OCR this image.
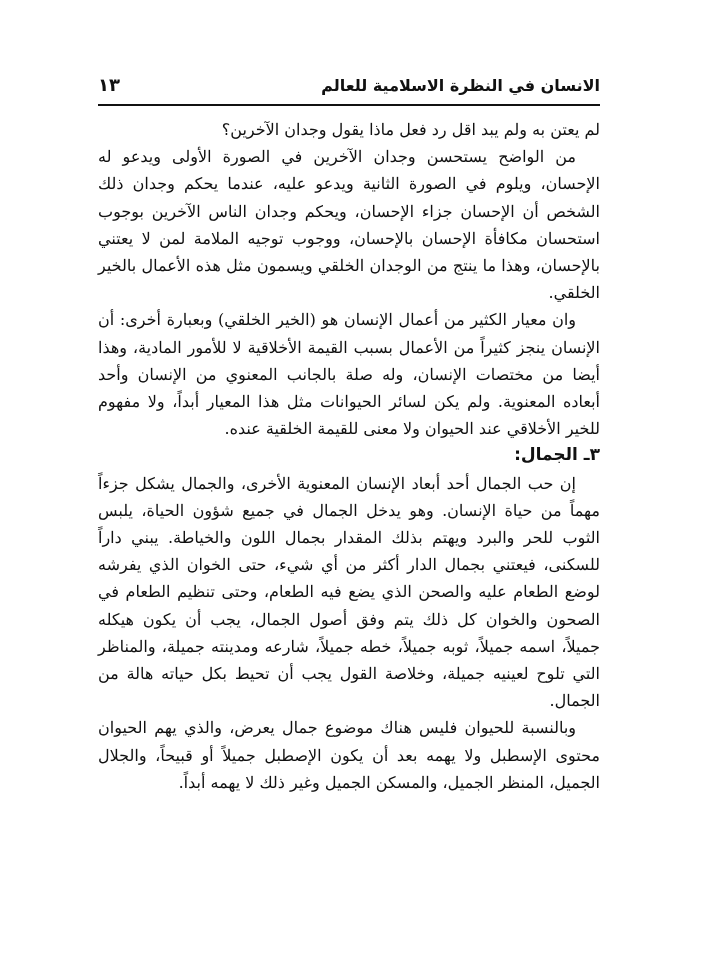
الانسان في النظرة الاسلامية للعالم
١٣

لم يعتن به ولم يبد اقل رد فعل ماذا يقول وجدان الآخرين؟

من الواضح يستحسن وجدان الآخرين في الصورة الأولى ويدعو له الإحسان، ويلوم في الصورة الثانية ويدعو عليه، عندما يحكم وجدان ذلك الشخص أن الإحسان جزاء الإحسان، ويحكم وجدان الناس الآخرين بوجوب استحسان مكافأة الإحسان بالإحسان، ووجوب توجيه الملامة لمن لا يعتني بالإحسان، وهذا ما ينتج من الوجدان الخلقي ويسمون مثل هذه الأعمال بالخير الخلقي.

وان معيار الكثير من أعمال الإنسان هو (الخير الخلقي) وبعبارة أخرى: أن الإنسان ينجز كثيراً من الأعمال بسبب القيمة الأخلاقية لا للأمور المادية، وهذا أيضا من مختصات الإنسان، وله صلة بالجانب المعنوي من الإنسان وأحد أبعاده المعنوية. ولم يكن لسائر الحيوانات مثل هذا المعيار أبداً، ولا مفهوم للخير الأخلاقي عند الحيوان ولا معنى للقيمة الخلقية عنده.

٣ـ الجمال:

إن حب الجمال أحد أبعاد الإنسان المعنوية الأخرى، والجمال يشكل جزءاً مهماً من حياة الإنسان. وهو يدخل الجمال في جميع شؤون الحياة، يلبس الثوب للحر والبرد ويهتم بذلك المقدار بجمال اللون والخياطة. يبني داراً للسكنى، فيعتني بجمال الدار أكثر من أي شيء، حتى الخوان الذي يفرشه لوضع الطعام عليه والصحن الذي يضع فيه الطعام، وحتى تنظيم الطعام في الصحون والخوان كل ذلك يتم وفق أصول الجمال، يجب أن يكون هيكله جميلاً، اسمه جميلاً، ثوبه جميلاً، خطه جميلاً، شارعه ومدينته جميلة، والمناظر التي تلوح لعينيه جميلة، وخلاصة القول يجب أن تحيط بكل حياته هالة من الجمال.

وبالنسبة للحيوان فليس هناك موضوع جمال يعرض، والذي يهم الحيوان محتوى الإسطبل ولا يهمه بعد أن يكون الإصطبل جميلاً أو قبيحاً، والجلال الجميل، المنظر الجميل، والمسكن الجميل وغير ذلك لا يهمه أبداً.
